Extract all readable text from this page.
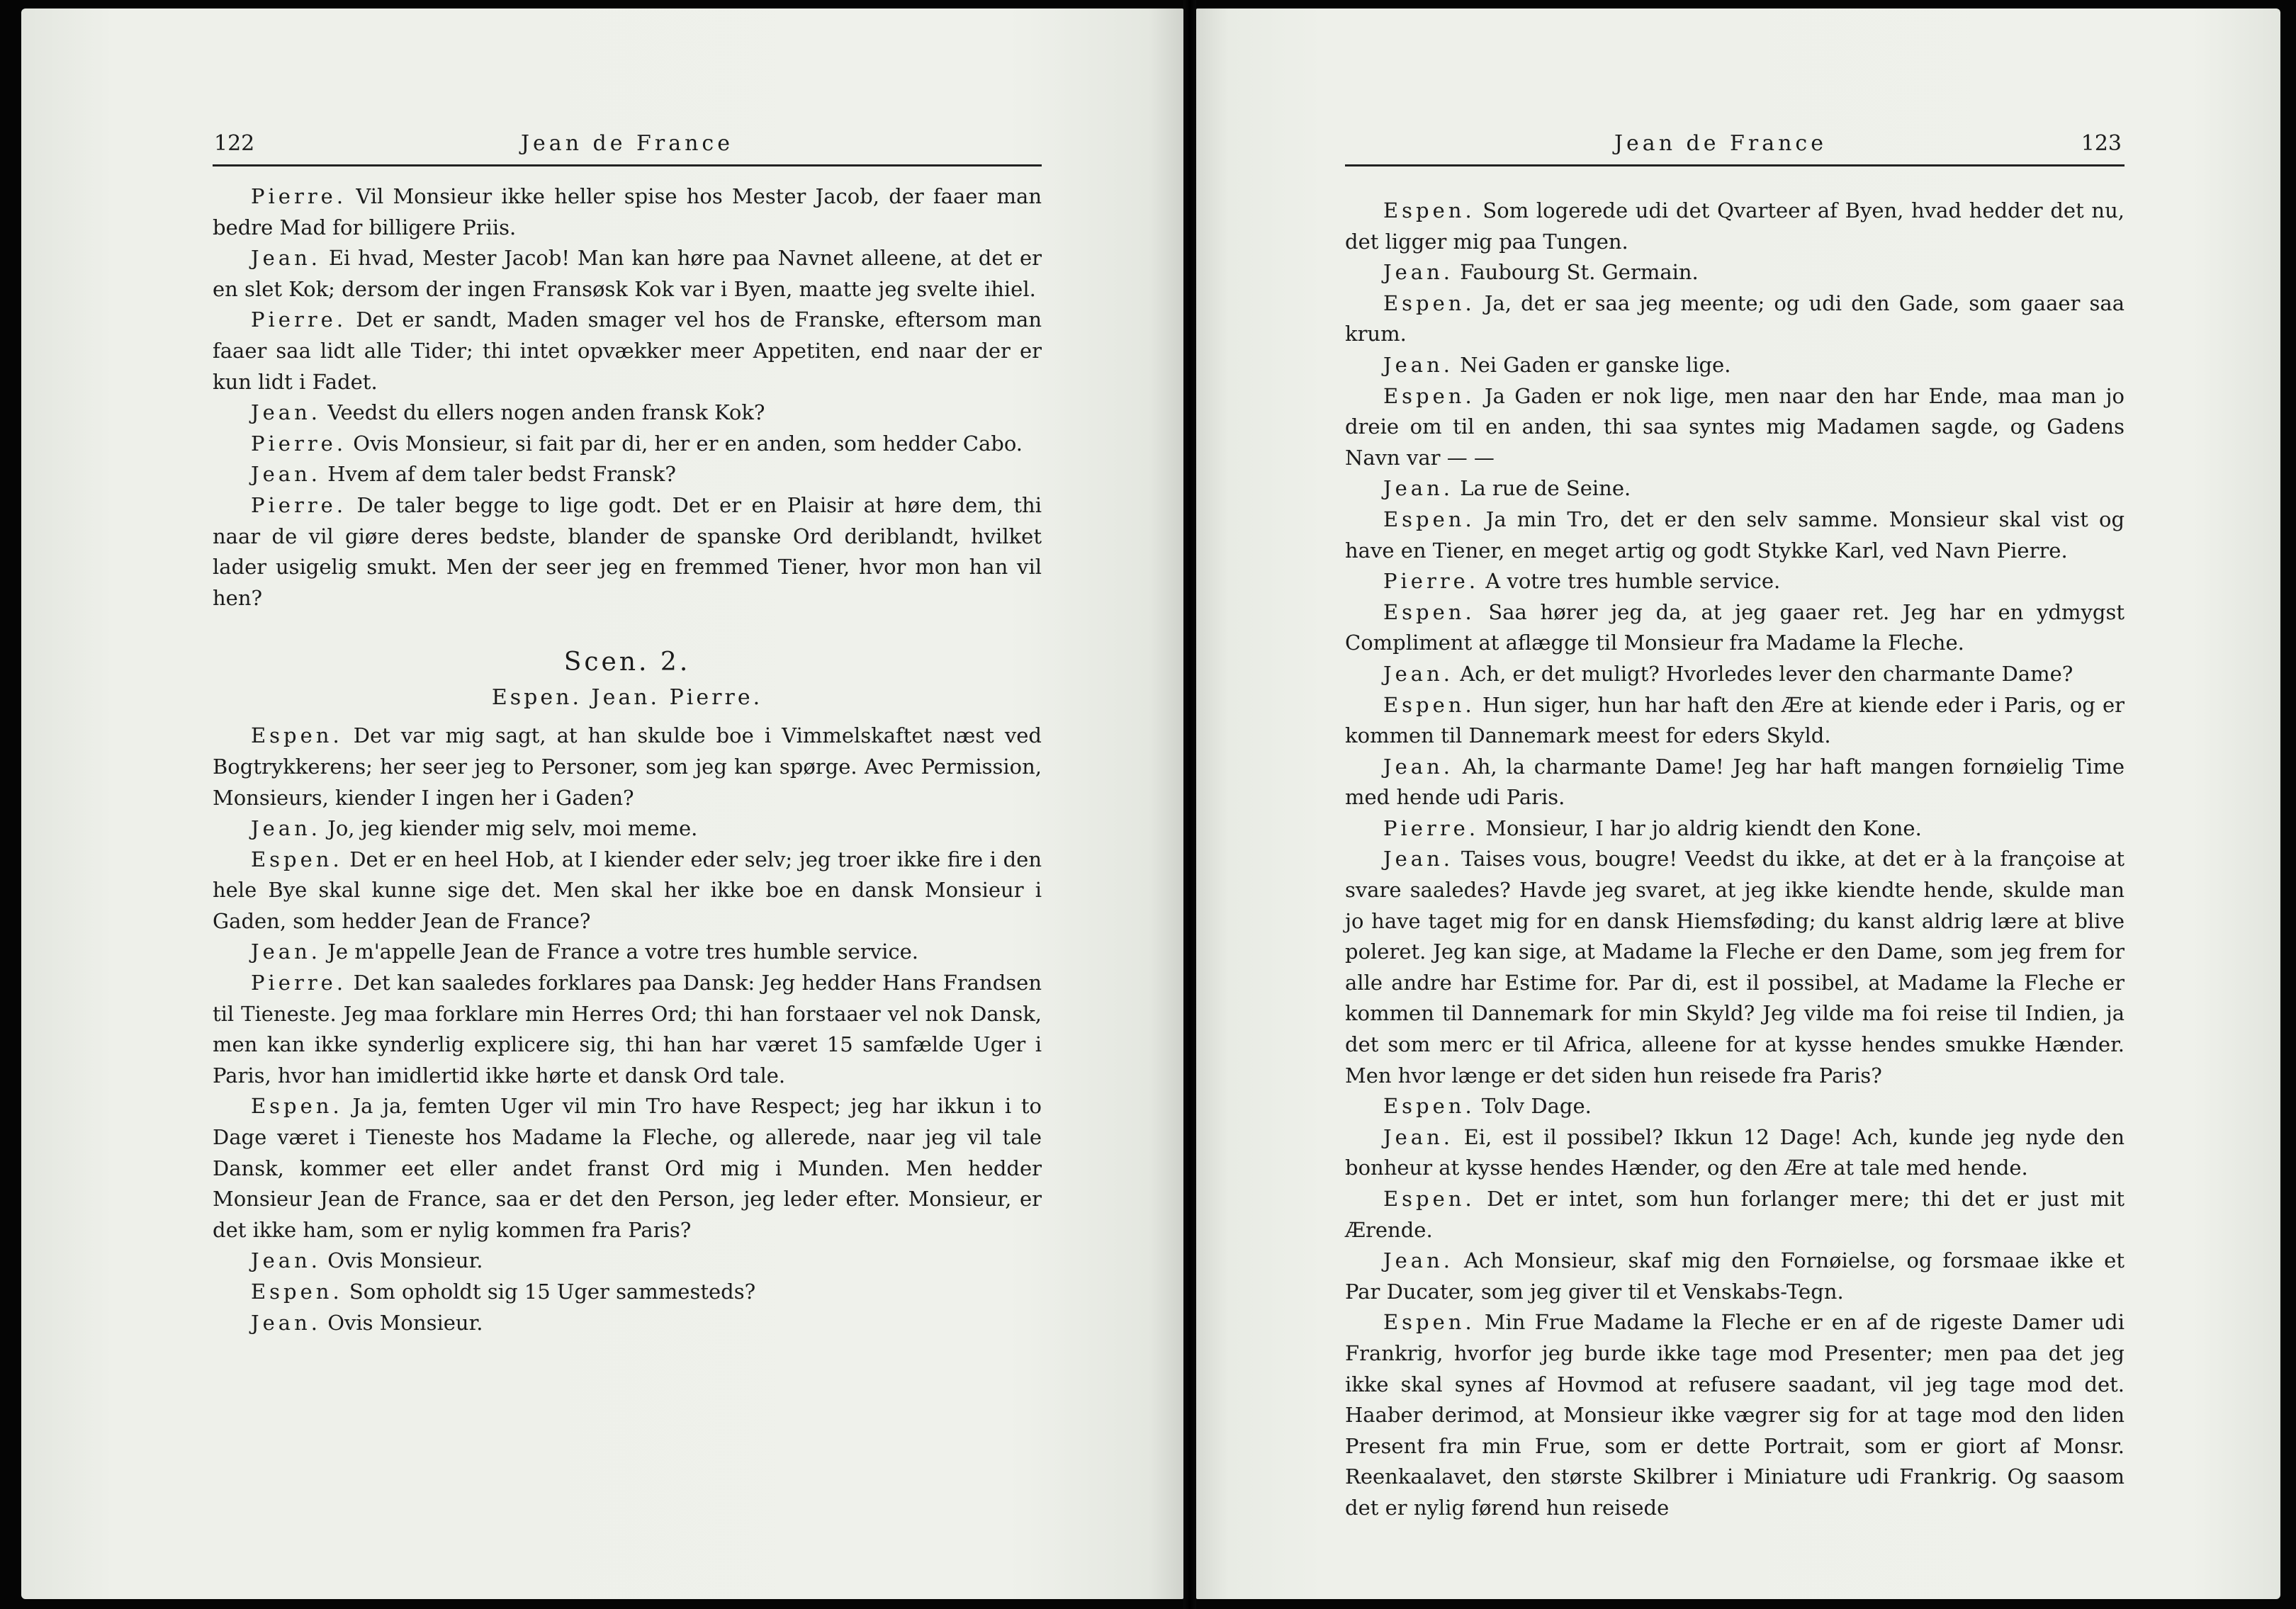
122	Jean de France

Pierre. Vil Monsieur ikke heller spise hos Mester Jacob, der faaer man bedre Mad for billigere Priis.

Jean. Ei hvad, Mester Jacob! Man kan høre paa Navnet alleene, at det er en slet Kok; dersom der ingen Fransøsk Kok var i Byen, maatte jeg svelte ihiel.

Pierre. Det er sandt, Maden smager vel hos de Franske, eftersom man faaer saa lidt alle Tider; thi intet opvækker meer Appetiten, end naar der er kun lidt i Fadet.

Jean. Veedst du ellers nogen anden fransk Kok?

Pierre. Ovis Monsieur, si fait par di, her er en anden, som hedder Cabo.

Jean. Hvem af dem taler bedst Fransk?

Pierre. De taler begge to lige godt. Det er en Plaisir at høre dem, thi naar de vil giøre deres bedste, blander de spanske Ord deriblandt, hvilket lader usigelig smukt. Men der seer jeg en fremmed Tiener, hvor mon han vil hen?

Scen. 2.
Espen. Jean. Pierre.

Espen. Det var mig sagt, at han skulde boe i Vimmelskaftet næst ved Bogtrykkerens; her seer jeg to Personer, som jeg kan spørge. Avec Permission, Monsieurs, kiender I ingen her i Gaden?

Jean. Jo, jeg kiender mig selv, moi meme.

Espen. Det er en heel Hob, at I kiender eder selv; jeg troer ikke fire i den hele Bye skal kunne sige det. Men skal her ikke boe en dansk Monsieur i Gaden, som hedder Jean de France?

Jean. Je m'appelle Jean de France a votre tres humble service.

Pierre. Det kan saaledes forklares paa Dansk: Jeg hedder Hans Frandsen til Tieneste. Jeg maa forklare min Herres Ord; thi han forstaaer vel nok Dansk, men kan ikke synderlig explicere sig, thi han har været 15 samfælde Uger i Paris, hvor han imidlertid ikke hørte et dansk Ord tale.

Espen. Ja ja, femten Uger vil min Tro have Respect; jeg har ikkun i to Dage været i Tieneste hos Madame la Fleche, og allerede, naar jeg vil tale Dansk, kommer eet eller andet franst Ord mig i Munden. Men hedder Monsieur Jean de France, saa er det den Person, jeg leder efter. Monsieur, er det ikke ham, som er nylig kommen fra Paris?

Jean. Ovis Monsieur.

Espen. Som opholdt sig 15 Uger sammesteds?

Jean. Ovis Monsieur.

Jean de France	123

Espen. Som logerede udi det Qvarteer af Byen, hvad hedder det nu, det ligger mig paa Tungen.

Jean. Faubourg St. Germain.

Espen. Ja, det er saa jeg meente; og udi den Gade, som gaaer saa krum.

Jean. Nei Gaden er ganske lige.

Espen. Ja Gaden er nok lige, men naar den har Ende, maa man jo dreie om til en anden, thi saa syntes mig Madamen sagde, og Gadens Navn var — —

Jean. La rue de Seine.

Espen. Ja min Tro, det er den selv samme. Monsieur skal vist og have en Tiener, en meget artig og godt Stykke Karl, ved Navn Pierre.

Pierre. A votre tres humble service.

Espen. Saa hører jeg da, at jeg gaaer ret. Jeg har en ydmygst Compliment at aflægge til Monsieur fra Madame la Fleche.

Jean. Ach, er det muligt? Hvorledes lever den charmante Dame?

Espen. Hun siger, hun har haft den Ære at kiende eder i Paris, og er kommen til Dannemark meest for eders Skyld.

Jean. Ah, la charmante Dame! Jeg har haft mangen fornøielig Time med hende udi Paris.

Pierre. Monsieur, I har jo aldrig kiendt den Kone.

Jean. Taises vous, bougre! Veedst du ikke, at det er à la françoise at svare saaledes? Havde jeg svaret, at jeg ikke kiendte hende, skulde man jo have taget mig for en dansk Hiemsføding; du kanst aldrig lære at blive poleret. Jeg kan sige, at Madame la Fleche er den Dame, som jeg frem for alle andre har Estime for. Par di, est il possibel, at Madame la Fleche er kommen til Dannemark for min Skyld? Jeg vilde ma foi reise til Indien, ja det som merc er til Africa, alleene for at kysse hendes smukke Hænder. Men hvor længe er det siden hun reisede fra Paris?

Espen. Tolv Dage.

Jean. Ei, est il possibel? Ikkun 12 Dage! Ach, kunde jeg nyde den bonheur at kysse hendes Hænder, og den Ære at tale med hende.

Espen. Det er intet, som hun forlanger mere; thi det er just mit Ærende.

Jean. Ach Monsieur, skaf mig den Fornøielse, og forsmaae ikke et Par Ducater, som jeg giver til et Venskabs-Tegn.

Espen. Min Frue Madame la Fleche er en af de rigeste Damer udi Frankrig, hvorfor jeg burde ikke tage mod Presenter; men paa det jeg ikke skal synes af Hovmod at refusere saadant, vil jeg tage mod det. Haaber derimod, at Monsieur ikke vægrer sig for at tage mod den liden Present fra min Frue, som er dette Portrait, som er giort af Monsr. Reenkaalavet, den største Skilbrer i Miniature udi Frankrig. Og saasom det er nylig førend hun reisede
